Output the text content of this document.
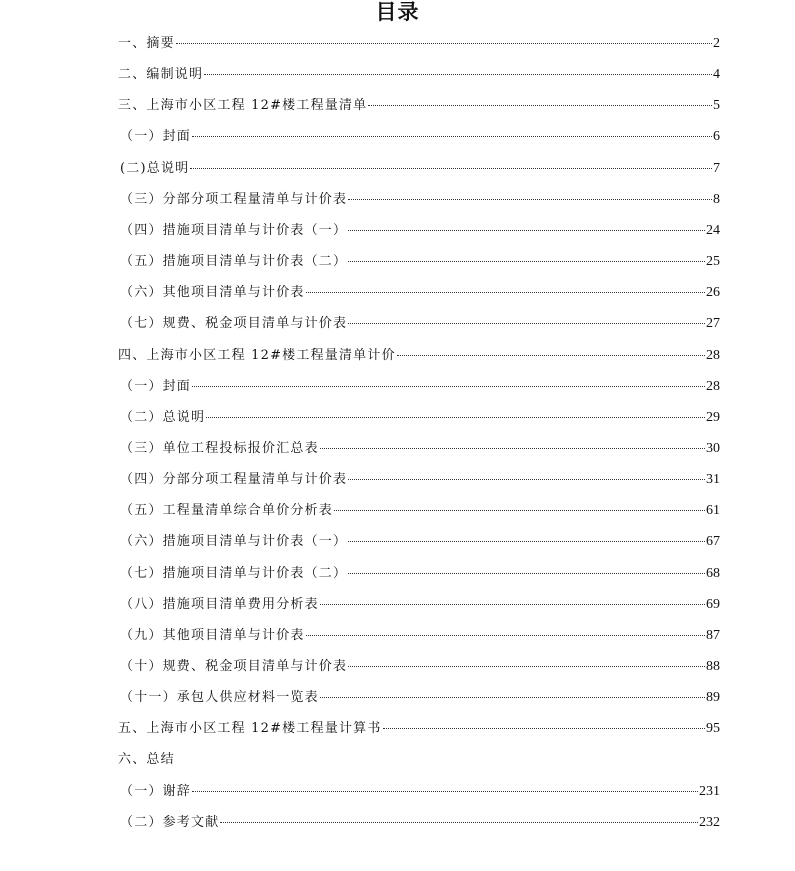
目录
一、摘要	2
二、编制说明	4
三、上海市小区工程 12#楼工程量清单	5
（一）封面	6
(二)总说明	7
（三）分部分项工程量清单与计价表	8
（四）措施项目清单与计价表（一）	24
（五）措施项目清单与计价表（二）	25
（六）其他项目清单与计价表	26
（七）规费、税金项目清单与计价表	27
四、上海市小区工程 12#楼工程量清单计价	28
（一）封面	28
（二）总说明	29
（三）单位工程投标报价汇总表	30
（四）分部分项工程量清单与计价表	31
（五）工程量清单综合单价分析表	61
（六）措施项目清单与计价表（一）	67
（七）措施项目清单与计价表（二）	68
（八）措施项目清单费用分析表	69
（九）其他项目清单与计价表	87
（十）规费、税金项目清单与计价表	88
（十一）承包人供应材料一览表	89
五、上海市小区工程 12#楼工程量计算书	95
六、总结
（一）谢辞	231
（二）参考文献	232
